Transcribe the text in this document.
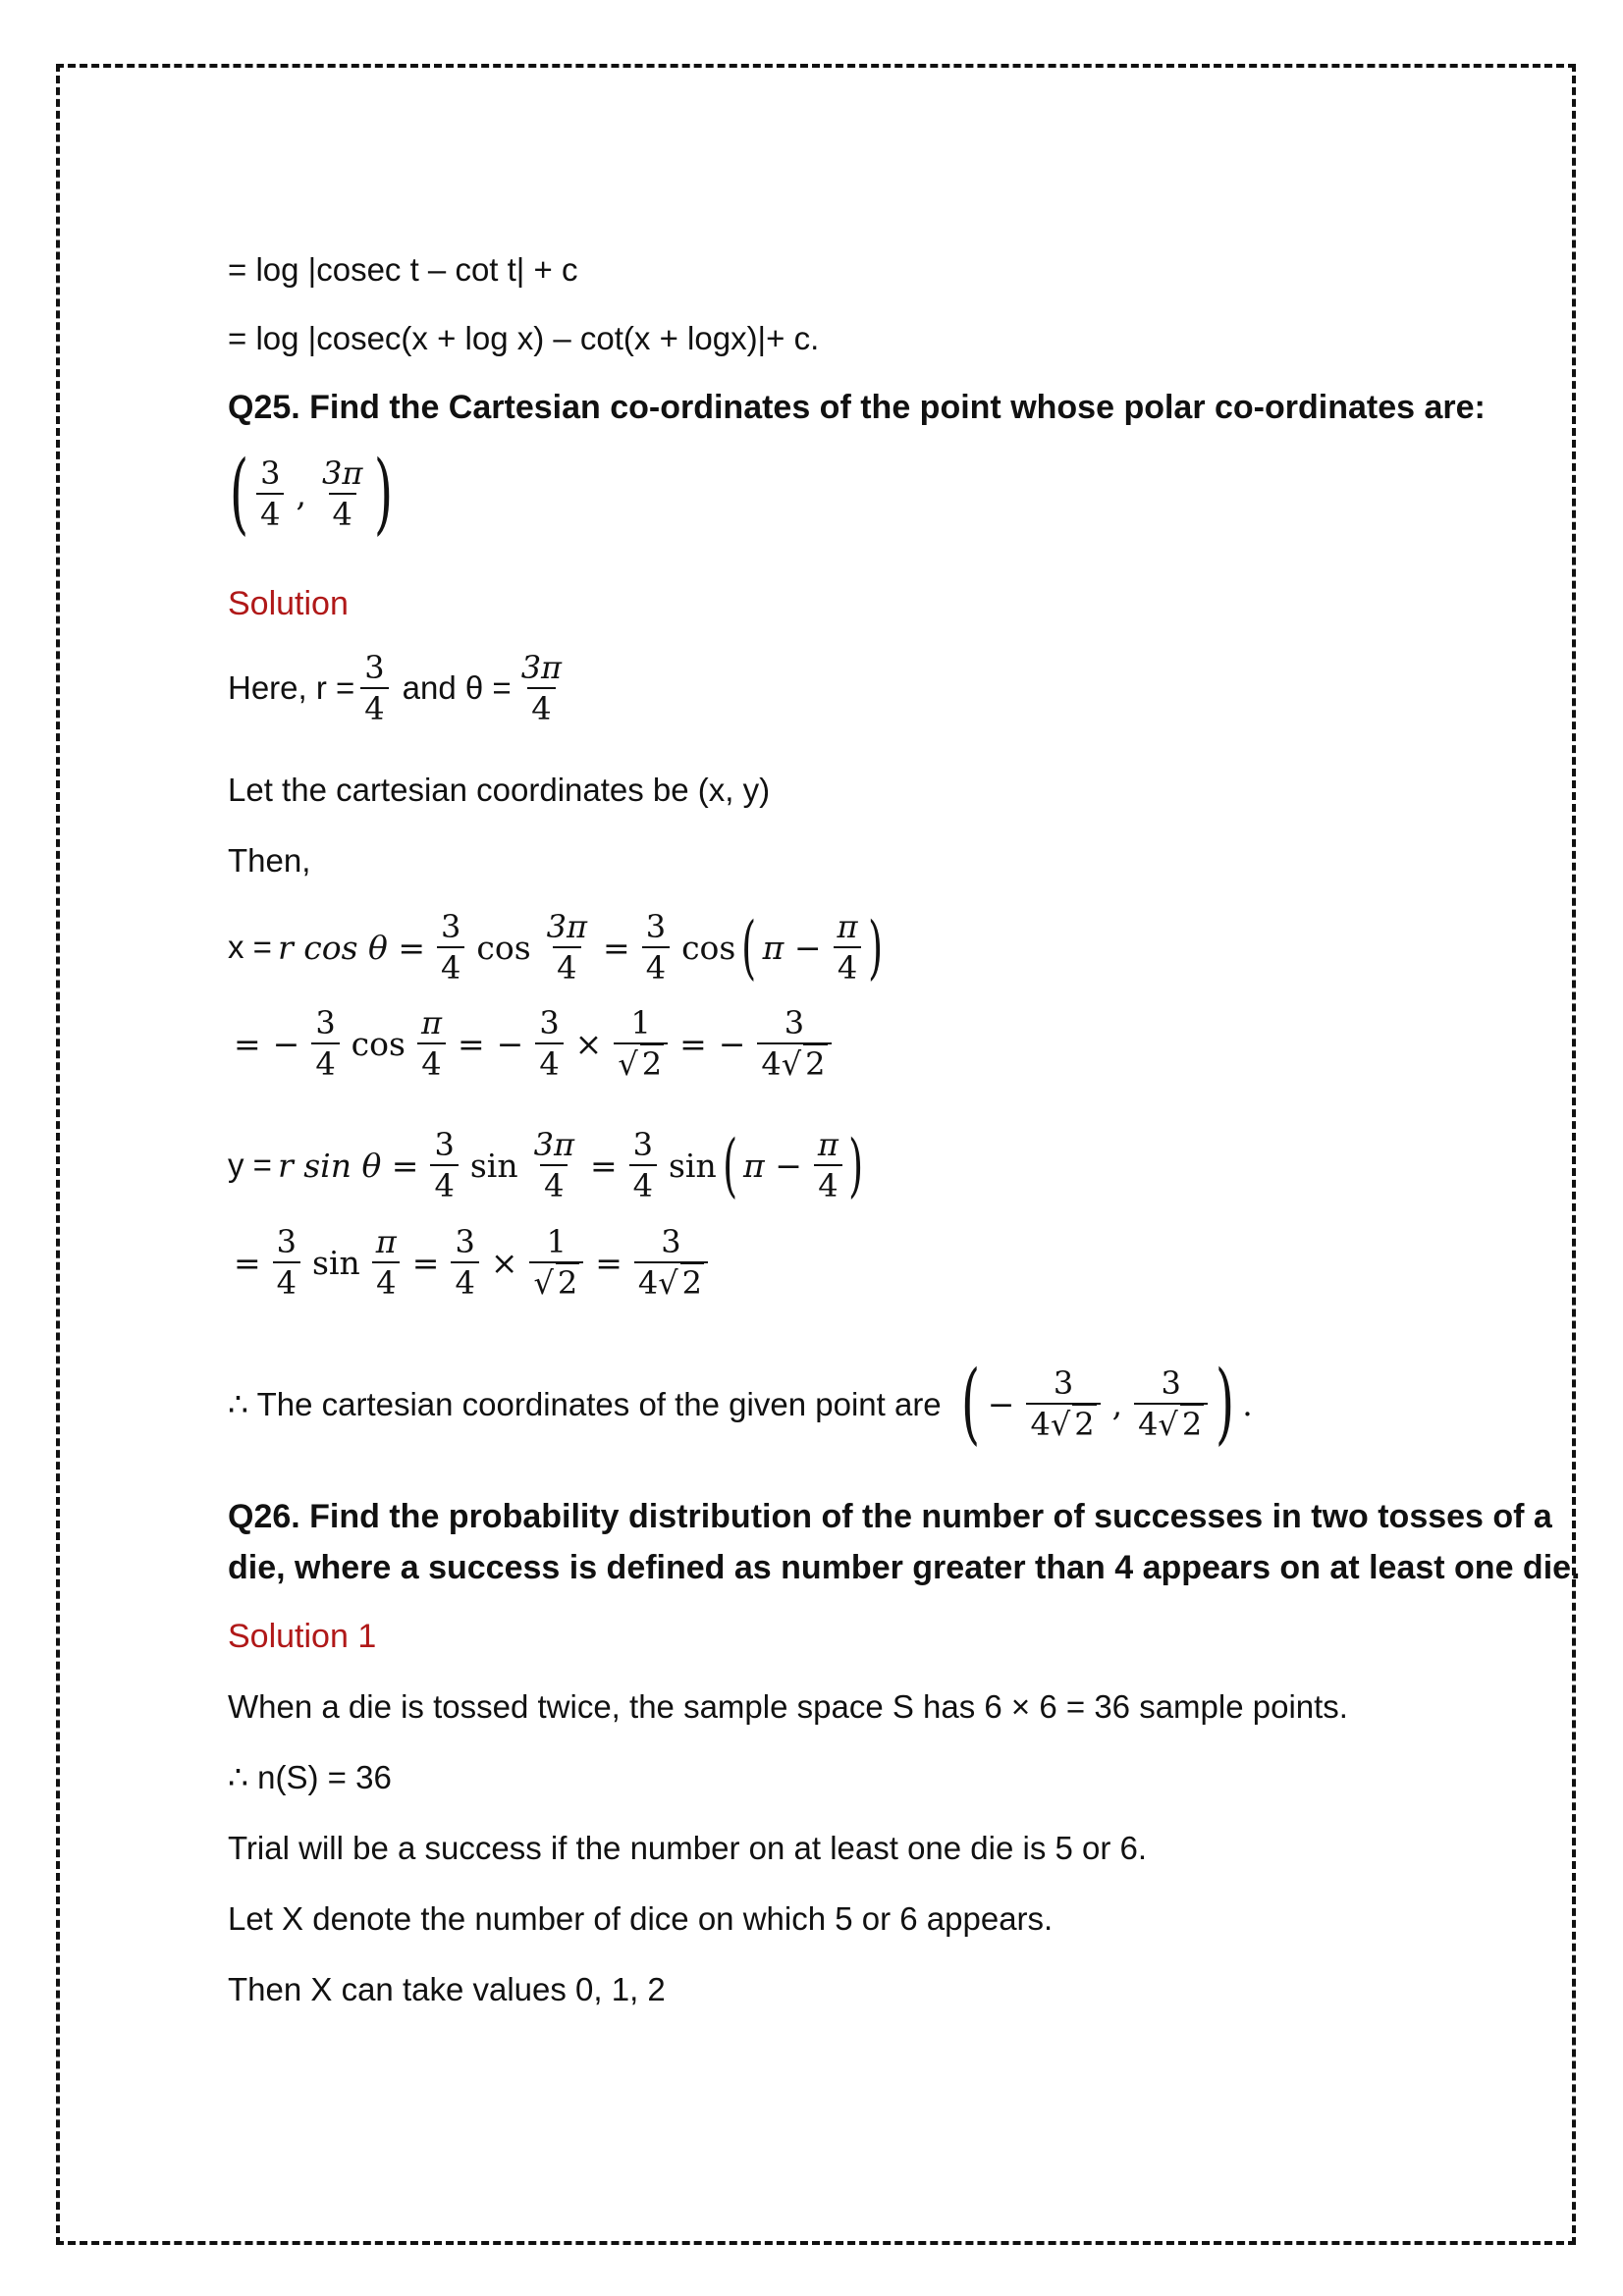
= log |cosec t – cot t| + c
= log |cosec(x + log x) – cot(x + logx)|+ c.
Q25. Find the Cartesian co-ordinates of the point whose polar co-ordinates are:
( $\frac{3}{4}$ , $\frac{3\pi}{4}$ )
Solution
Here, $r = \frac{3}{4}$ and $\theta = \frac{3\pi}{4}$
Let the cartesian coordinates be (x, y)
Then,
x = r $\cos \theta = \frac{3}{4}$ $\cos \frac{3\pi}{4} = \frac{3}{4}$ cos ( $\pi - \frac{\pi}{4}$ )
= − $\frac{3}{4}$ $\cos \frac{\pi}{4}$ = − $\frac{3}{4} \times \frac{1}{√ 2}$ = − $\frac{3}{4√ 2}$
y = r $\sin \theta = \frac{3}{4}$ $\sin \frac{3\pi}{4} = \frac{3}{4}$ sin ( $\pi - \frac{\pi}{4}$ )
= $\frac{3}{4}$ $\sin \frac{\pi}{4} = \frac{3}{4} \times \frac{1}{√ 2} = \frac{3}{4√ 2}$
∴ The cartesian coordinates of the given point are ( − $\frac{3}{4√ 2}$ , $\frac{3}{4√ 2}$ ) .
Q26. Find the probability distribution of the number of successes in two tosses of a
die, where a success is defined as number greater than 4 appears on at least one die.
Solution 1
When a die is tossed twice, the sample space S has 6 × 6 = 36 sample points.
∴ n(S) = 36
Trial will be a success if the number on at least one die is 5 or 6.
Let X denote the number of dice on which 5 or 6 appears.
Then X can take values 0, 1, 2
